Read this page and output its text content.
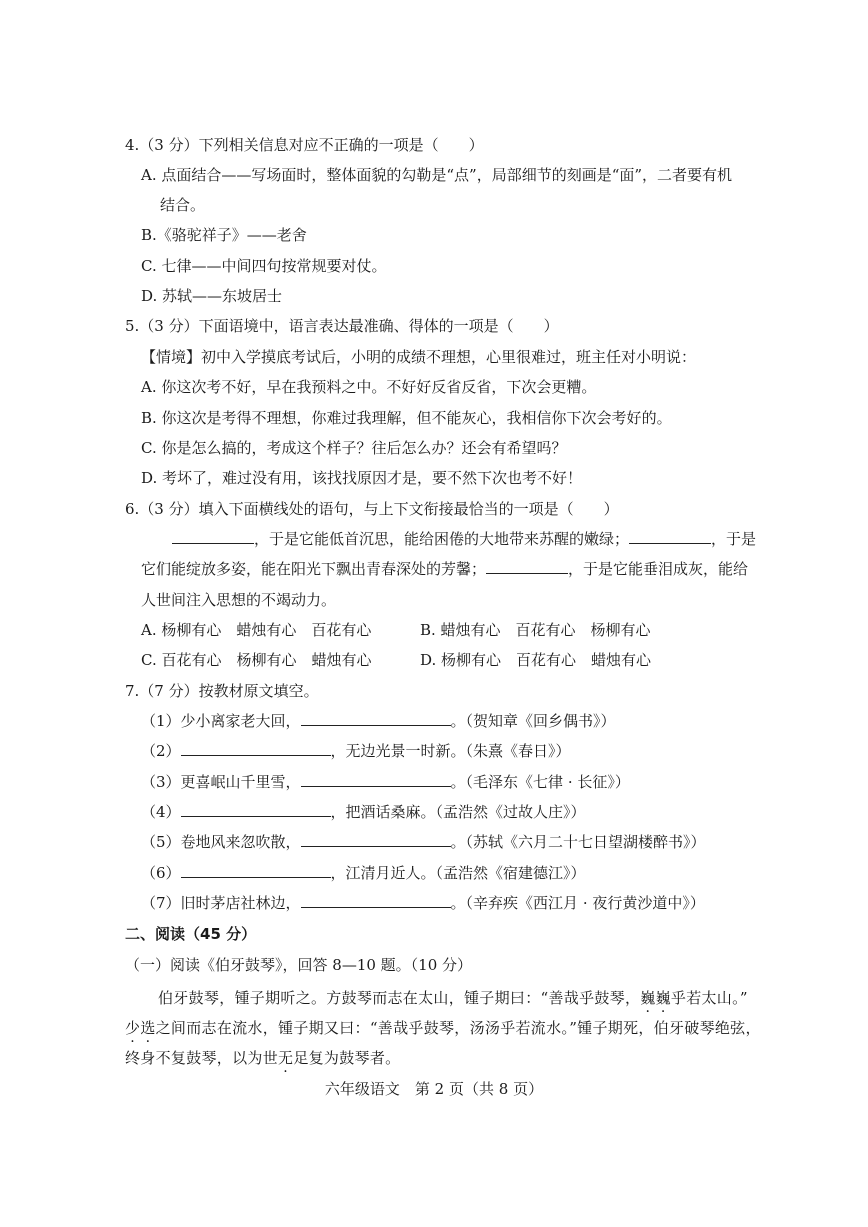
4.（3 分）下列相关信息对应不正确的一项是（　　）
A. 点面结合——写场面时，整体面貌的勾勒是“点”，局部细节的刻画是“面”，二者要有机
结合。
B.《骆驼祥子》——老舍
C. 七律——中间四句按常规要对仗。
D. 苏轼——东坡居士
5.（3 分）下面语境中，语言表达最准确、得体的一项是（　　）
【情境】初中入学摸底考试后，小明的成绩不理想，心里很难过，班主任对小明说：
A. 你这次考不好，早在我预料之中。不好好反省反省，下次会更糟。
B. 你这次是考得不理想，你难过我理解，但不能灰心，我相信你下次会考好的。
C. 你是怎么搞的，考成这个样子？往后怎么办？还会有希望吗？
D. 考坏了，难过没有用，该找找原因才是，要不然下次也考不好！
6.（3 分）填入下面横线处的语句，与上下文衔接最恰当的一项是（　　）
，于是它能低首沉思，能给困倦的大地带来苏醒的嫩绿；	，于是
它们能绽放多姿，能在阳光下飘出青春深处的芳馨；	，于是它能垂泪成灰，能给
人世间注入思想的不竭动力。
A. 杨柳有心　蜡烛有心　百花有心	B. 蜡烛有心　百花有心　杨柳有心
C. 百花有心　杨柳有心　蜡烛有心	D. 杨柳有心　百花有心　蜡烛有心
7.（7 分）按教材原文填空。
（1）少小离家老大回，	。（贺知章《回乡偶书》）
（2）	，无边光景一时新。（朱熹《春日》）
（3）更喜岷山千里雪，	。（毛泽东《七律 · 长征》）
（4）	，把酒话桑麻。（孟浩然《过故人庄》）
（5）卷地风来忽吹散，	。（苏轼《六月二十七日望湖楼醉书》）
（6）	，江清月近人。（孟浩然《宿建德江》）
（7）旧时茅店社林边，	。（辛弃疾《西江月 · 夜行黄沙道中》）
二、阅读（45 分）
（一）阅读《伯牙鼓琴》，回答 8—10 题。（10 分）
伯牙鼓琴，锺子期听之。方鼓琴而志在太山，锺子期曰：“善哉乎鼓琴，巍巍乎若太山。”
少选之间而志在流水，锺子期又曰：“善哉乎鼓琴，汤汤乎若流水。”锺子期死，伯牙破琴绝弦，
终身不复鼓琴，以为世无足复为鼓琴者。
六年级语文　第 2 页（共 8 页）
